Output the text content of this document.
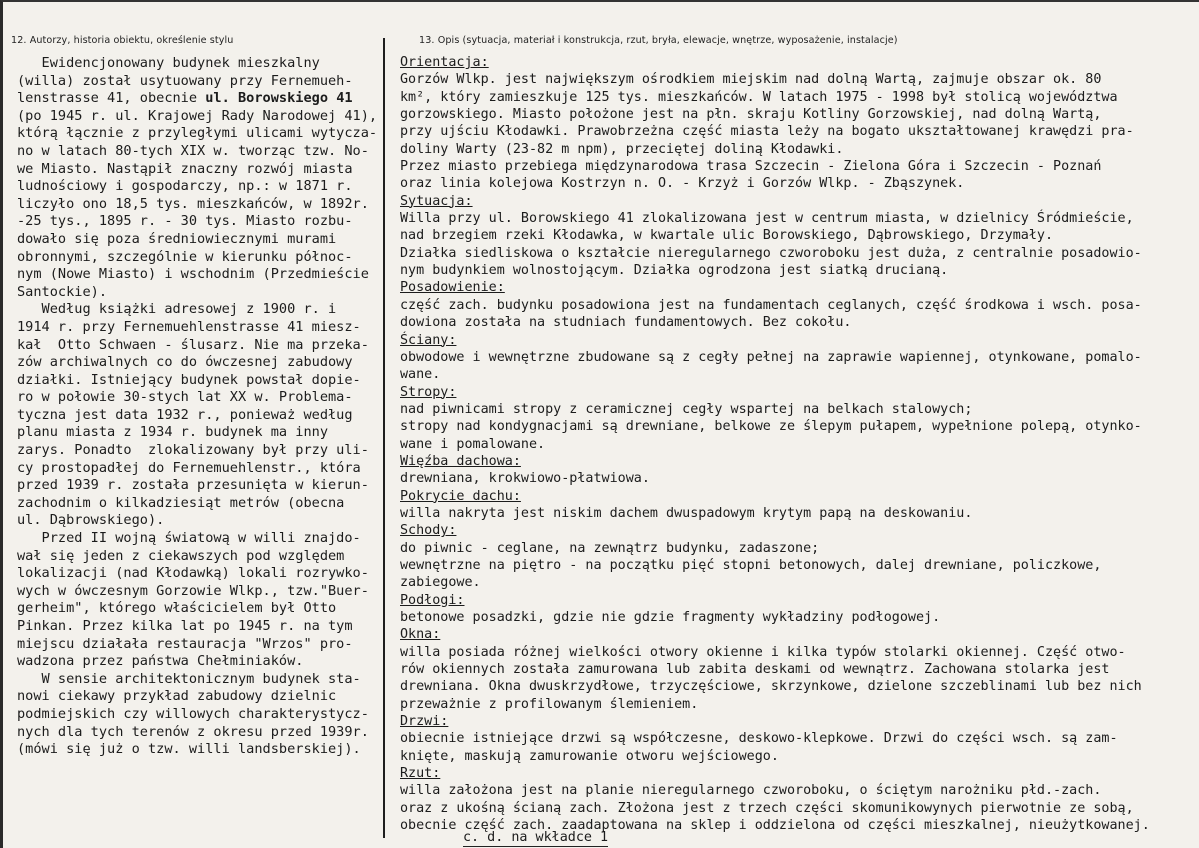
12. Autorzy, historia obiektu, określenie stylu	13. Opis (sytuacja, materiał i konstrukcja, rzut, bryła, elewacje, wnętrze, wyposażenie, instalacje)
Ewidencjonowany budynek mieszkalny
(willa) został usytuowany przy Fernemueh-
lenstrasse 41, obecnie ul. Borowskiego 41
(po 1945 r. ul. Krajowej Rady Narodowej 41),
którą łącznie z przyległymi ulicami wytycza-
no w latach 80-tych XIX w. tworząc tzw. No-
we Miasto. Nastąpił znaczny rozwój miasta
ludnościowy i gospodarczy, np.: w 1871 r.
liczyło ono 18,5 tys. mieszkańców, w 1892r.
-25 tys., 1895 r. - 30 tys. Miasto rozbu-
dowało się poza średniowiecznymi murami
obronnymi, szczególnie w kierunku północ-
nym (Nowe Miasto) i wschodnim (Przedmieście
Santockie).
Według książki adresowej z 1900 r. i
1914 r. przy Fernemuehlenstrasse 41 miesz-
kał  Otto Schwaen - ślusarz. Nie ma przeka-
zów archiwalnych co do ówczesnej zabudowy
działki. Istniejący budynek powstał dopie-
ro w połowie 30-stych lat XX w. Problema-
tyczna jest data 1932 r., ponieważ według
planu miasta z 1934 r. budynek ma inny
zarys. Ponadto  zlokalizowany był przy uli-
cy prostopadłej do Fernemuehlenstr., która
przed 1939 r. została przesunięta w kierun-
zachodnim o kilkadziesiąt metrów (obecna
ul. Dąbrowskiego).
Przed II wojną światową w willi znajdo-
wał się jeden z ciekawszych pod względem
lokalizacji (nad Kłodawką) lokali rozrywko-
wych w ówczesnym Gorzowie Wlkp., tzw."Buer-
gerheim", którego właścicielem był Otto
Pinkan. Przez kilka lat po 1945 r. na tym
miejscu działała restauracja "Wrzos" pro-
wadzona przez państwa Chełminiaków.
W sensie architektonicznym budynek sta-
nowi ciekawy przykład zabudowy dzielnic
podmiejskich czy willowych charakterystycz-
nych dla tych terenów z okresu przed 1939r.
(mówi się już o tzw. willi landsberskiej).
Orientacja:
Gorzów Wlkp. jest największym ośrodkiem miejskim nad dolną Wartą, zajmuje obszar ok. 80
km², który zamieszkuje 125 tys. mieszkańców. W latach 1975 - 1998 był stolicą województwa
gorzowskiego. Miasto położone jest na płn. skraju Kotliny Gorzowskiej, nad dolną Wartą,
przy ujściu Kłodawki. Prawobrzeżna część miasta leży na bogato ukształtowanej krawędzi pra-
doliny Warty (23-82 m npm), przeciętej doliną Kłodawki.
Przez miasto przebiega międzynarodowa trasa Szczecin - Zielona Góra i Szczecin - Poznań
oraz linia kolejowa Kostrzyn n. O. - Krzyż i Gorzów Wlkp. - Zbąszynek.
Sytuacja:
Willa przy ul. Borowskiego 41 zlokalizowana jest w centrum miasta, w dzielnicy Śródmieście,
nad brzegiem rzeki Kłodawka, w kwartale ulic Borowskiego, Dąbrowskiego, Drzymały.
Działka siedliskowa o kształcie nieregularnego czworoboku jest duża, z centralnie posadowio-
nym budynkiem wolnostojącym. Działka ogrodzona jest siatką drucianą.
Posadowienie:
część zach. budynku posadowiona jest na fundamentach ceglanych, część środkowa i wsch. posa-
dowiona została na studniach fundamentowych. Bez cokołu.
Ściany:
obwodowe i wewnętrzne zbudowane są z cegły pełnej na zaprawie wapiennej, otynkowane, pomalo-
wane.
Stropy:
nad piwnicami stropy z ceramicznej cegły wspartej na belkach stalowych;
stropy nad kondygnacjami są drewniane, belkowe ze ślepym pułapem, wypełnione polepą, otynko-
wane i pomalowane.
Więźba dachowa:
drewniana, krokwiowo-płatwiowa.
Pokrycie dachu:
willa nakryta jest niskim dachem dwuspadowym krytym papą na deskowaniu.
Schody:
do piwnic - ceglane, na zewnątrz budynku, zadaszone;
wewnętrzne na piętro - na początku pięć stopni betonowych, dalej drewniane, policzkowe,
zabiegowe.
Podłogi:
betonowe posadzki, gdzie nie gdzie fragmenty wykładziny podłogowej.
Okna:
willa posiada różnej wielkości otwory okienne i kilka typów stolarki okiennej. Część otwo-
rów okiennych została zamurowana lub zabita deskami od wewnątrz. Zachowana stolarka jest
drewniana. Okna dwuskrzydłowe, trzyczęściowe, skrzynkowe, dzielone szczeblinami lub bez nich
przeważnie z profilowanym ślemieniem.
Drzwi:
obiecnie istniejące drzwi są współczesne, deskowo-klepkowe. Drzwi do części wsch. są zam-
knięte, maskują zamurowanie otworu wejściowego.
Rzut:
willa założona jest na planie nieregularnego czworoboku, o ściętym narożniku płd.-zach.
oraz z ukośną ścianą zach. Złożona jest z trzech części skomunikowynych pierwotnie ze sobą,
obecnie część zach. zaadaptowana na sklep i oddzielona od części mieszkalnej, nieużytkowanej.
c. d. na wkładce 1
